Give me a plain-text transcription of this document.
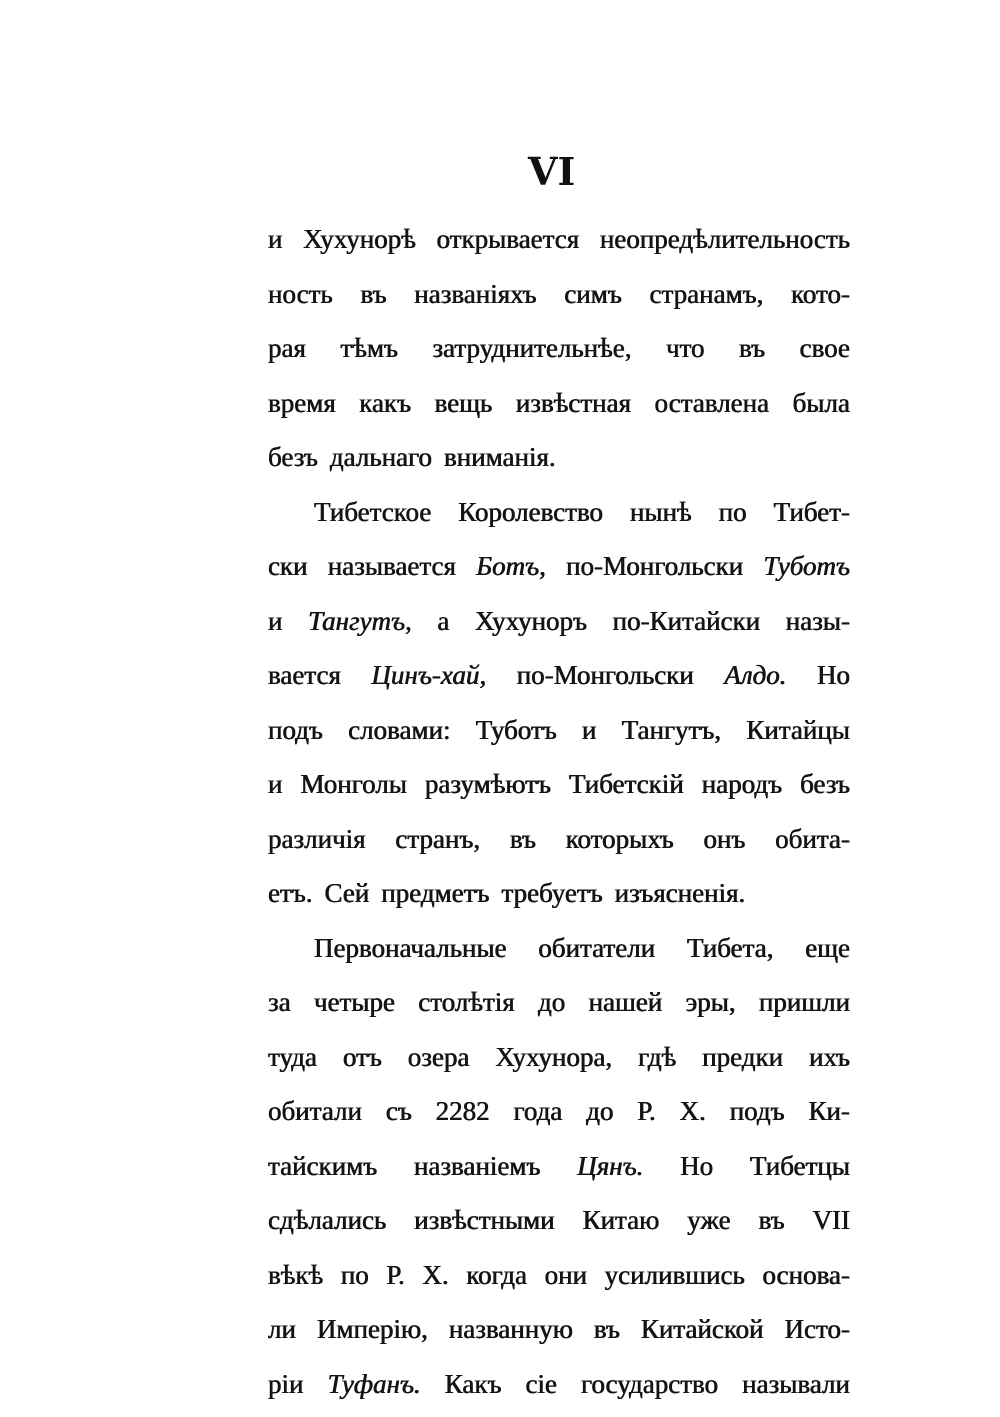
VI
и Хухунорѣ открывается неопредѣлительность
ность въ названіяхъ симъ странамъ, кото-
рая тѣмъ затруднительнѣе, что въ свое
время какъ вещь извѣстная оставлена была
безъ дальнаго вниманія.
Тибетское Королевство нынѣ по Тибет-
ски называется Ботъ, по-Монгольски Туботъ
и Тангутъ, а Хухуноръ по-Китайски назы-
вается Цинъ-хай, по-Монгольски Алдо. Но
подъ словами: Туботъ и Тангутъ, Китайцы
и Монголы разумѣютъ Тибетскій народъ безъ
различія странъ, въ которыхъ онъ обита-
етъ. Сей предметъ требуетъ изъясненія.
Первоначальные обитатели Тибета, еще
за четыре столѣтія до нашей эры, пришли
туда отъ озера Хухунора, гдѣ предки ихъ
обитали съ 2282 года до Р. Х. подъ Ки-
тайскимъ названіемъ Цянъ. Но Тибетцы
сдѣлались извѣстными Китаю уже въ VII
вѣкѣ по Р. Х. когда они усилившись основа-
ли Имперію, названную въ Китайской Исто-
ріи Туфанъ. Какъ сіе государство называли
